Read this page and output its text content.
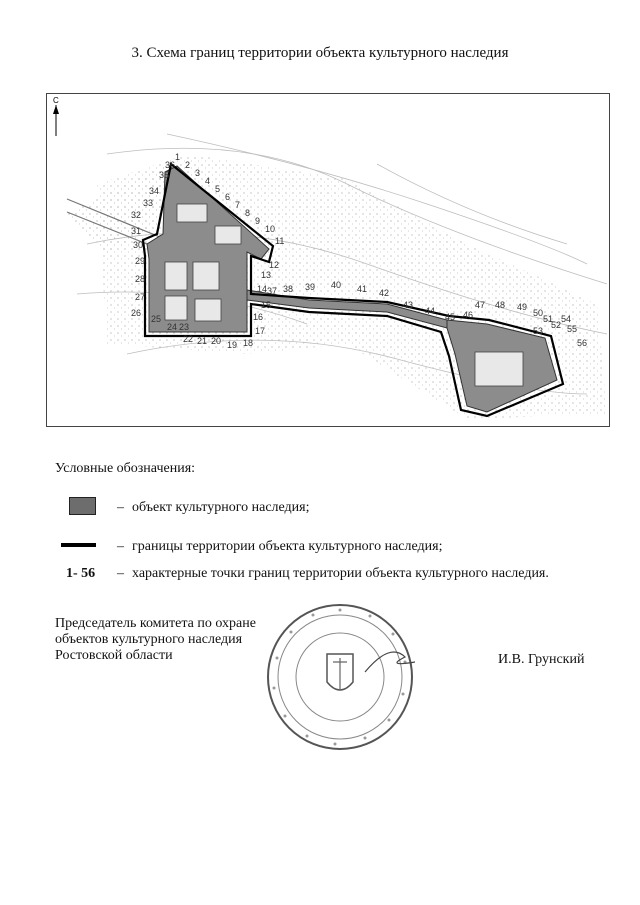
3. Схема границ территории объекта культурного наследия
С
1
2
3
4
5
6
7
8
9
10
11
12
13
14
15
16
17
18
19
20
21
22
23
24
25
26
27
28
29
30
31
32
33
34
35
36
37 38 39 40 41 42
43
44
45 46
47 48 49
50
51
52
53
54
55
56
Условные обозначения:
– объект культурного наследия;
– границы территории объекта культурного наследия;
1- 56 – характерные точки границ территории объекта культурного наследия.
Председатель комитета по охране
объектов культурного наследия
Ростовской области	И.В. Грунский
